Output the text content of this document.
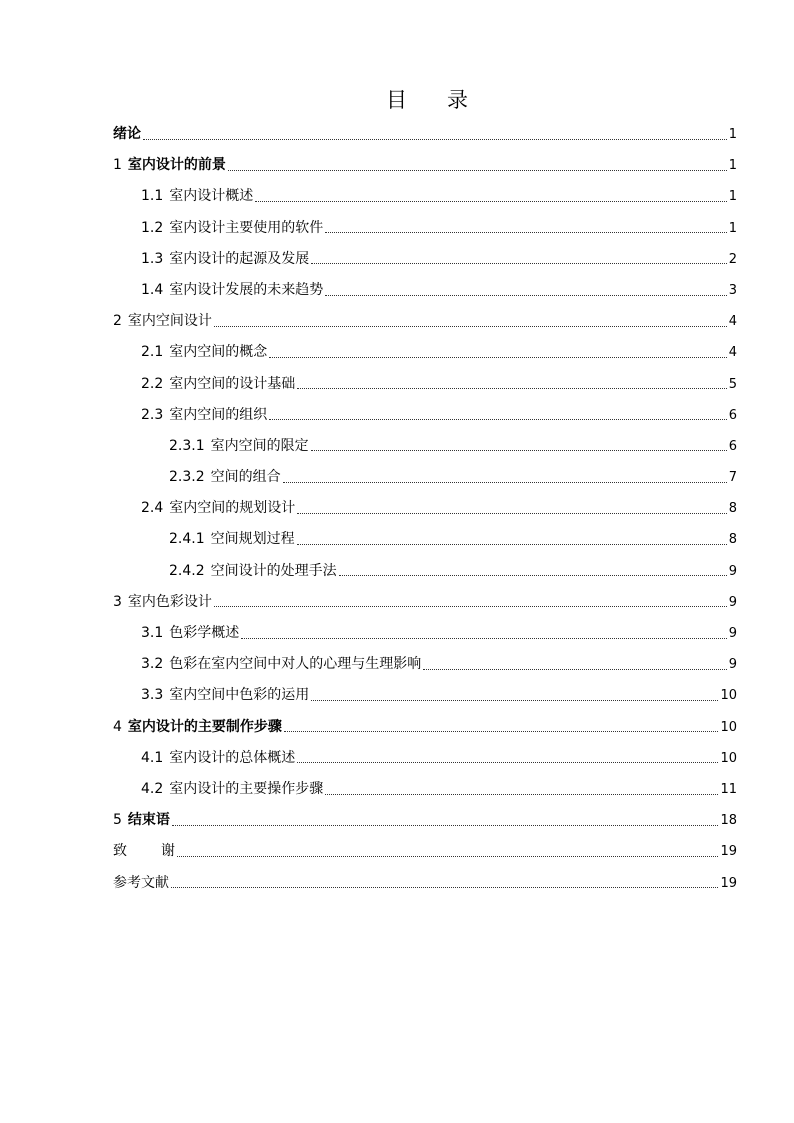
目 录
绪论	1
1 室内设计的前景	1
1.1 室内设计概述	1
1.2 室内设计主要使用的软件	1
1.3 室内设计的起源及发展	2
1.4 室内设计发展的未来趋势	3
2 室内空间设计	4
2.1 室内空间的概念	4
2.2 室内空间的设计基础	5
2.3 室内空间的组织	6
2.3.1 室内空间的限定	6
2.3.2 空间的组合	7
2.4 室内空间的规划设计	8
2.4.1 空间规划过程	8
2.4.2 空间设计的处理手法	9
3 室内色彩设计	9
3.1 色彩学概述	9
3.2 色彩在室内空间中对人的心理与生理影响	9
3.3 室内空间中色彩的运用	10
4 室内设计的主要制作步骤	10
4.1 室内设计的总体概述	10
4.2 室内设计的主要操作步骤	11
5 结束语	18
致 谢	19
参考文献	19
